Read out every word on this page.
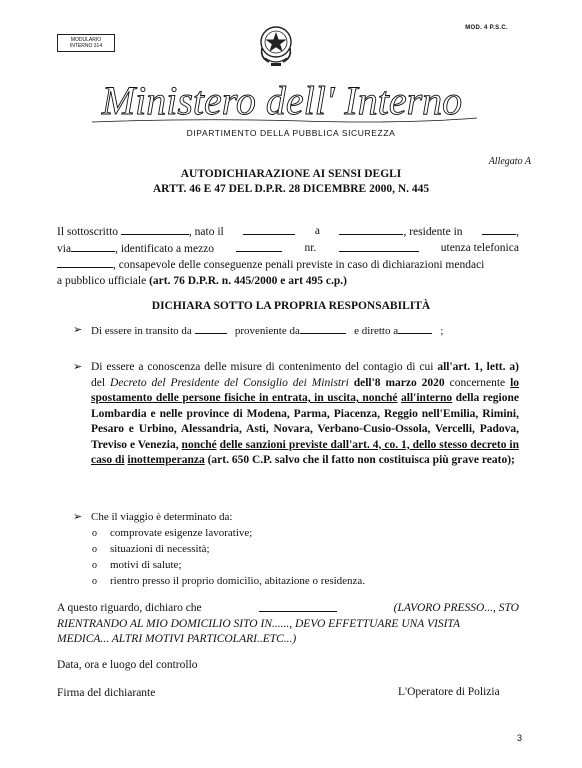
MODULARIO
INTERNO 314
MOD. 4 P.S.C.
Ministero dell' Interno
DIPARTIMENTO DELLA PUBBLICA SICUREZZA
Allegato A
AUTODICHIARAZIONE AI SENSI DEGLI
ARTT. 46 E 47 DEL D.P.R. 28 DICEMBRE 2000, N. 445
Il sottoscritto	, nato il	a	, residente in	,
via	, identificato a mezzo	nr.	utenza telefonica
, consapevole delle conseguenze penali previste in caso di dichiarazioni mendaci
a pubblico ufficiale (art. 76 D.P.R. n. 445/2000 e art 495 c.p.)
DICHIARA SOTTO LA PROPRIA RESPONSABILITÀ
➢ Di essere in transito da	proveniente da	e diretto a	;
➢ Di essere a conoscenza delle misure di contenimento del contagio di cui all'art. 1, lett. a) del Decreto del Presidente del Consiglio dei Ministri dell'8 marzo 2020 concernente lo spostamento delle persone fisiche in entrata, in uscita, nonché all'interno della regione Lombardia e nelle province di Modena, Parma, Piacenza, Reggio nell'Emilia, Rimini, Pesaro e Urbino, Alessandria, Asti, Novara, Verbano-Cusio-Ossola, Vercelli, Padova, Treviso e Venezia, nonché delle sanzioni previste dall'art. 4, co. 1, dello stesso decreto in caso di inottemperanza (art. 650 C.P. salvo che il fatto non costituisca più grave reato);
➢ Che il viaggio è determinato da:
o comprovate esigenze lavorative;
o situazioni di necessità;
o motivi di salute;
o rientro presso il proprio domicilio, abitazione o residenza.
A questo riguardo, dichiaro che	(LAVORO PRESSO..., STO
RIENTRANDO AL MIO DOMICILIO SITO IN......, DEVO EFFETTUARE UNA VISITA
MEDICA... ALTRI MOTIVI PARTICOLARI..ETC...)
Data, ora e luogo del controllo
Firma del dichiarante	L'Operatore di Polizia
3
